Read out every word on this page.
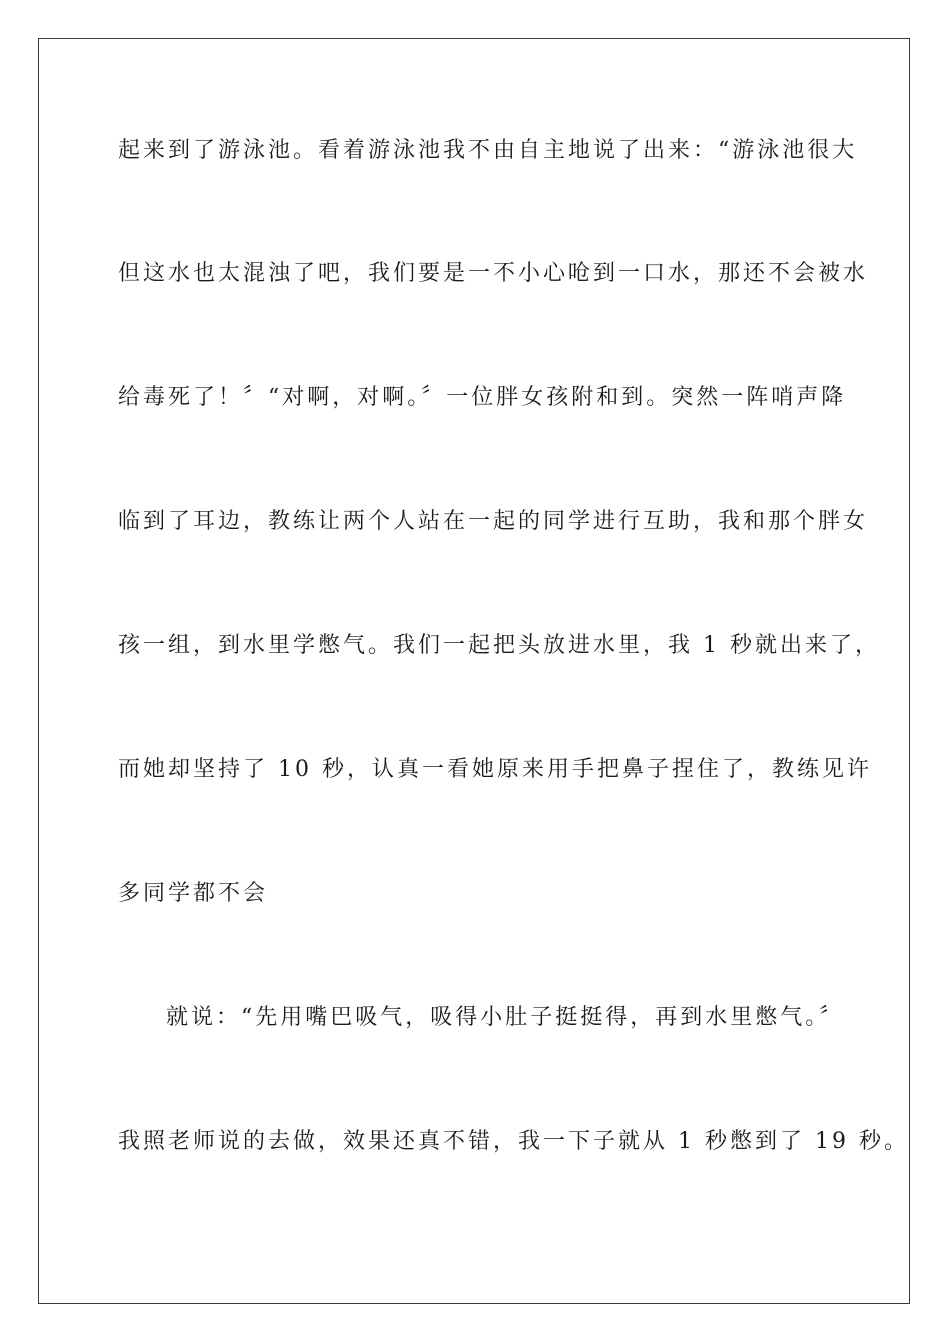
起来到了游泳池。看着游泳池我不由自主地说了出来：“游泳池很大
但这水也太混浊了吧，我们要是一不小心呛到一口水，那还不会被水
给毒死了！〞“对啊，对啊。〞一位胖女孩附和到。突然一阵哨声降
临到了耳边，教练让两个人站在一起的同学进行互助，我和那个胖女
孩一组，到水里学憋气。我们一起把头放进水里，我 1 秒就出来了，
而她却坚持了 10 秒，认真一看她原来用手把鼻子捏住了，教练见许
多同学都不会
就说：“先用嘴巴吸气，吸得小肚子挺挺得，再到水里憋气。〞
我照老师说的去做，效果还真不错，我一下子就从 1 秒憋到了 19 秒。
